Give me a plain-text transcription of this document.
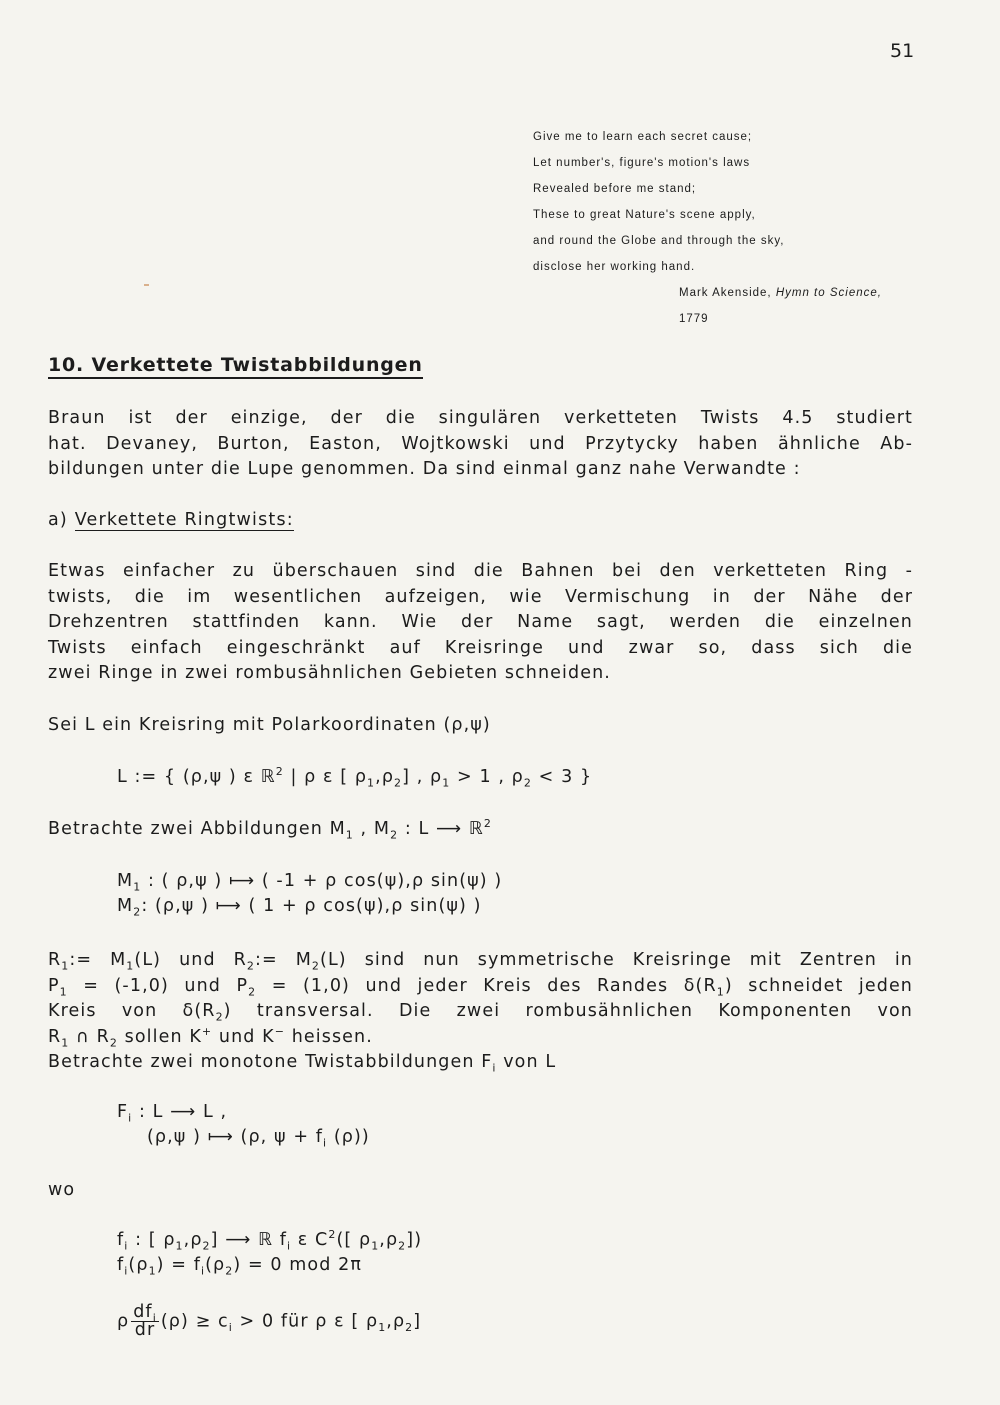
51
Give me to learn each secret cause;
Let number's, figure's motion's laws
Revealed before me stand;
These to great Nature's scene apply,
and round the Globe and through the sky,
disclose her working hand.
Mark Akenside, Hymn to Science,
1779
10. Verkettete Twistabbildungen
Braun ist der einzige, der die singulären verketteten Twists 4.5 studiert
hat. Devaney, Burton, Easton, Wojtkowski und Przytycky haben ähnliche Ab-
bildungen unter die Lupe genommen. Da sind einmal ganz nahe Verwandte :
a) Verkettete Ringtwists:
Etwas einfacher zu überschauen sind die Bahnen bei den verketteten Ring -
twists, die im wesentlichen aufzeigen, wie Vermischung in der Nähe der
Drehzentren stattfinden kann. Wie der Name sagt, werden die einzelnen
Twists einfach eingeschränkt auf Kreisringe und zwar so, dass sich die
zwei Ringe in zwei rombusähnlichen Gebieten schneiden.
Sei L ein Kreisring mit Polarkoordinaten (ρ,ψ)
L := { (ρ,ψ ) ε ℝ$^2$ | ρ ε [ $\rho_1,\rho_2$] , $\rho_1 > 1$ , $\rho_2 < 3$ }
Betrachte zwei Abbildungen $M_1$ , $M_2$ : L ⟶ ℝ$^2$
$M_1$ : ( ρ,ψ ) ⟼ ( -1 + ρ cos(ψ),ρ sin(ψ) )
$M_2$: (ρ,ψ ) ⟼ ( 1 + ρ cos(ψ),ρ sin(ψ) )
$R_1:= M_1(L)$ und $R_2:= M_2(L)$ sind nun symmetrische Kreisringe mit Zentren in
$P_1 = (-1,0)$ und $P_2 = (1,0)$ und jeder Kreis des Randes $\delta(R_1)$ schneidet jeden
Kreis von $\delta(R_2)$ transversal. Die zwei rombusähnlichen Komponenten von
$R_1$ ∩ $R_2$ sollen K+ und K− heissen.
Betrachte zwei monotone Twistabbildungen $F_i$ von L
$F_i$ : L ⟶ L ,
(ρ,ψ ) ⟼ (ρ, $\psi + f_i$ (ρ))
wo
$f_i$ : [ $\rho_1,\rho_2$] ⟶ ℝ $f_i$ ε $C^2$([ $\rho_1,\rho_2$])
$f_i(\rho_1) = f_i(\rho_2) = 0$ mod 2π
ρ $\frac{df_i}{dr} (\rho) \ge c_i > 0$ für ρ ε [ $\rho_1,\rho_2$]
